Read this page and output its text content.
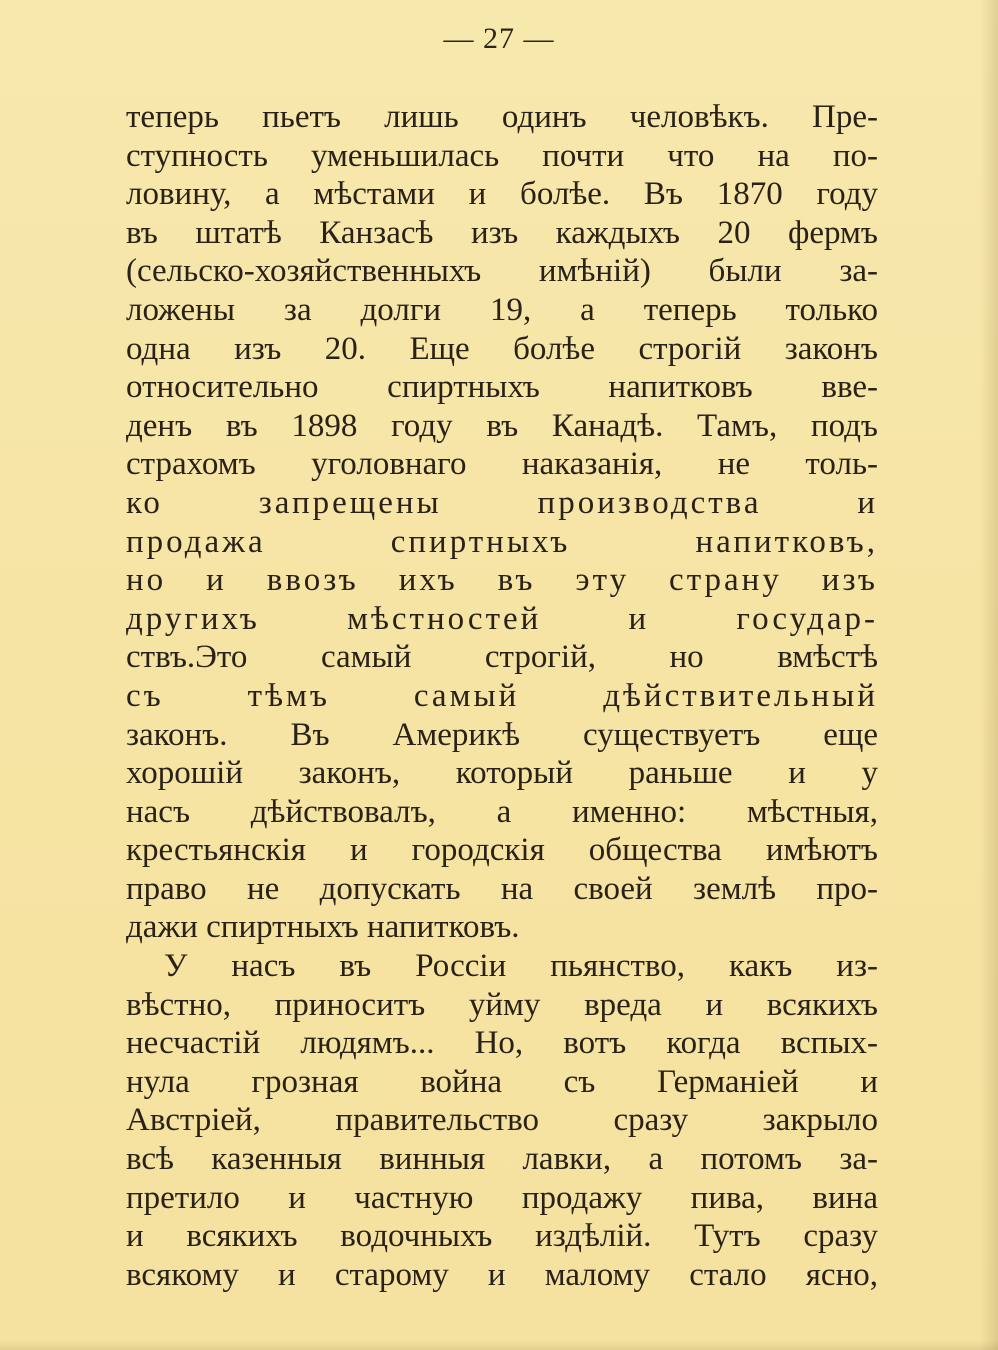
— 27 —
теперь пьетъ лишь одинъ человѣкъ. Пре-
ступность уменьшилась почти что на по-
ловину, а мѣстами и болѣе. Въ 1870 году
въ штатѣ Канзасѣ изъ каждыхъ 20 фермъ
(сельско-хозяйственныхъ имѣній) были за-
ложены за долги 19, а теперь только
одна изъ 20. Еще болѣе строгій законъ
относительно спиртныхъ напитковъ вве-
денъ въ 1898 году въ Канадѣ. Тамъ, подъ
страхомъ уголовнаго наказанія, не толь-
ко запрещены производства и
продажа спиртныхъ напитковъ,
но и ввозъ ихъ въ эту страну изъ
другихъ мѣстностей и государ-
ствъ.Это самый строгій, но вмѣстѣ
съ тѣмъ самый дѣйствительный
законъ. Въ Америкѣ существуетъ еще
хорошій законъ, который раньше и у
насъ дѣйствовалъ, а именно: мѣстныя,
крестьянскія и городскія общества имѣютъ
право не допускать на своей землѣ про-
дажи спиртныхъ напитковъ.
У насъ въ Россіи пьянство, какъ из-
вѣстно, приноситъ уйму вреда и всякихъ
несчастій людямъ... Но, вотъ когда вспых-
нула грозная война съ Германіей и
Австріей, правительство сразу закрыло
всѣ казенныя винныя лавки, а потомъ за-
претило и частную продажу пива, вина
и всякихъ водочныхъ издѣлій. Тутъ сразу
всякому и старому и малому стало ясно,
